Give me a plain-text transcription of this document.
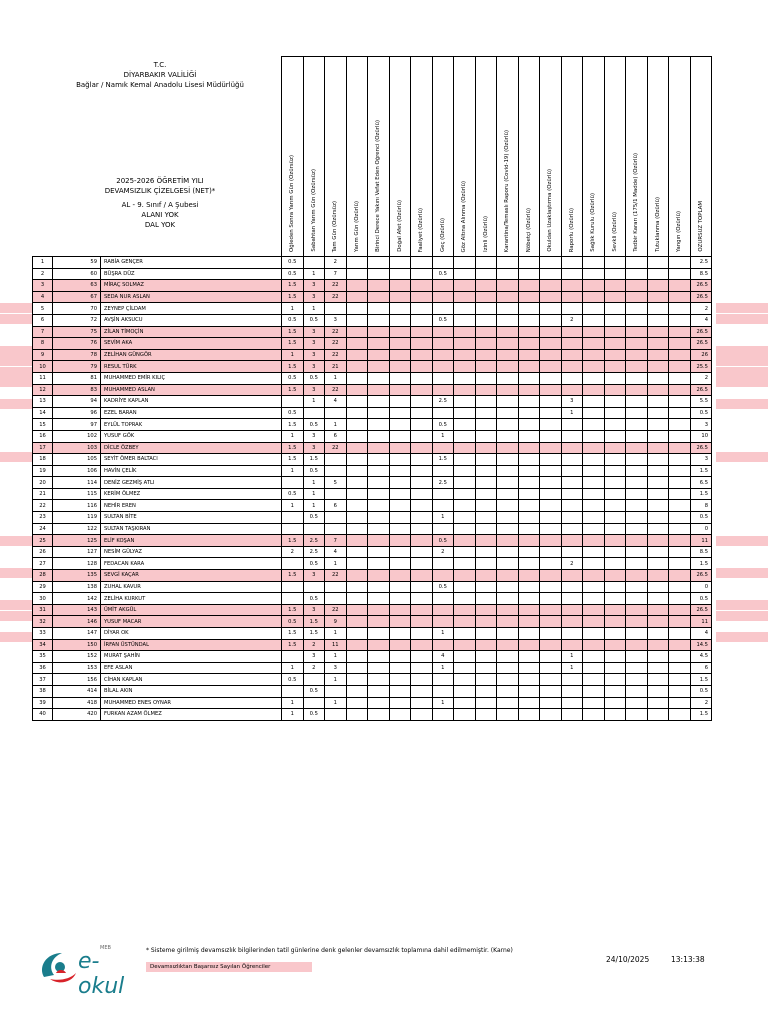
T.C.
DİYARBAKIR VALİLİĞİ
Bağlar / Namık Kemal Anadolu Lisesi Müdürlüğü
2025-2026 ÖĞRETİM YILI
DEVAMSIZLIK ÇİZELGESİ (NET)*
AL - 9. Sınıf / A Şubesi
ALANI YOK
DAL YOK
			Öğleden Sonra Yarım Gün (Özürsüz)	Sabahtan Yarım Gün (Özürsüz)	Tam Gün (Özürsüz)	Yarım Gün (Özürlü)	Birinci Derece Yakını Vefat Eden Öğrenci (Özürlü)	Doğal Afet (Özürlü)	Faaliyet (Özürlü)	Geç (Özürlü)	Göz Altına Alınma (Özürlü)	İzinli (Özürlü)	Karantina/Temaslı Raporu (Covid-19) (Özürlü)	Nöbetçi (Özürlü)	Okuldan Uzaklaştırma (Özürlü)	Raporlu (Özürlü)	Sağlık Kurulu (Özürlü)	Sevkli (Özürlü)	Tedbir Kararı (175/1 Madde) (Özürlü)	Tutuklanma (Özürlü)	Yangın (Özürlü)	ÖZÜRSÜZ TOPLAM
1	59	RABİA GENÇER	0.5		2																	2.5
2	60	BÜŞRA DÜZ	0.5	1	7					0.5												8.5
3	63	MİRAÇ SOLMAZ	1.5	3	22																	26.5
4	67	SEDA NUR ASLAN	1.5	3	22																	26.5
5	70	ZEYNEP ÇİLDAM	1	1																		2
6	72	AVŞİN AKSUCU	0.5	0.5	3					0.5						2						4
7	75	ZİLAN TİMOÇİN	1.5	3	22																	26.5
8	76	SEVİM AKA	1.5	3	22																	26.5
9	78	ZELİHAN GÜNGÖR	1	3	22																	26
10	79	RESUL TÜRK	1.5	3	21																	25.5
11	81	MUHAMMED EMİR KILIÇ	0.5	0.5	1																	2
12	83	MUHAMMED ASLAN	1.5	3	22																	26.5
13	94	KADRİYE KAPLAN		1	4					2.5						3						5.5
14	96	EZEL BARAN	0.5													1						0.5
15	97	EYLÜL TOPRAK	1.5	0.5	1					0.5												3
16	102	YUSUF GÖK	1	3	6					1												10
17	103	DİCLE ÖZBEY	1.5	3	22																	26.5
18	105	SEYİT ÖMER BALTACI	1.5	1.5						1.5												3
19	106	HAVİN ÇELİK	1	0.5																		1.5
20	114	DENİZ GEZMİŞ ATLI		1	5					2.5												6.5
21	115	KERİM ÖLMEZ	0.5	1																		1.5
22	116	NEHİR EREN	1	1	6																	8
23	119	SULTAN BİTE		0.5						1												0.5
24	122	SULTAN TAŞKIRAN																				0
25	125	ELİF KOŞAN	1.5	2.5	7					0.5												11
26	127	NESİM GÜLYAZ	2	2.5	4					2												8.5
27	128	FEDACAN KARA		0.5	1											2						1.5
28	135	SEVGİ KAÇAR	1.5	3	22																	26.5
29	138	ZUHAL KAVUR								0.5												0
30	142	ZELİHA KURKUT		0.5																		0.5
31	143	ÜMİT AKGÜL	1.5	3	22																	26.5
32	146	YUSUF MACAR	0.5	1.5	9																	11
33	147	DİYAR OK	1.5	1.5	1					1												4
34	150	İRFAN ÜSTÜNDAL	1.5	2	11																	14.5
35	152	MURAT ŞAHİN		3	1					4						1						4.5
36	153	EFE ASLAN	1	2	3					1						1						6
37	156	CİHAN KAPLAN	0.5		1																	1.5
38	414	BİLAL AKIN		0.5																		0.5
39	418	MUHAMMED ENES OYNAR	1		1					1												2
40	420	FURKAN AZAM ÖLMEZ	1	0.5																		1.5
MEB
e-okul
* Sisteme girilmiş devamsızlık bilgilerinden tatil günlerine denk gelenler devamsızlık toplamına dahil edilmemiştir. (Karne)
Devamsızlıktan Başarısız Sayılan Öğrenciler
24/10/2025	13:13:38
